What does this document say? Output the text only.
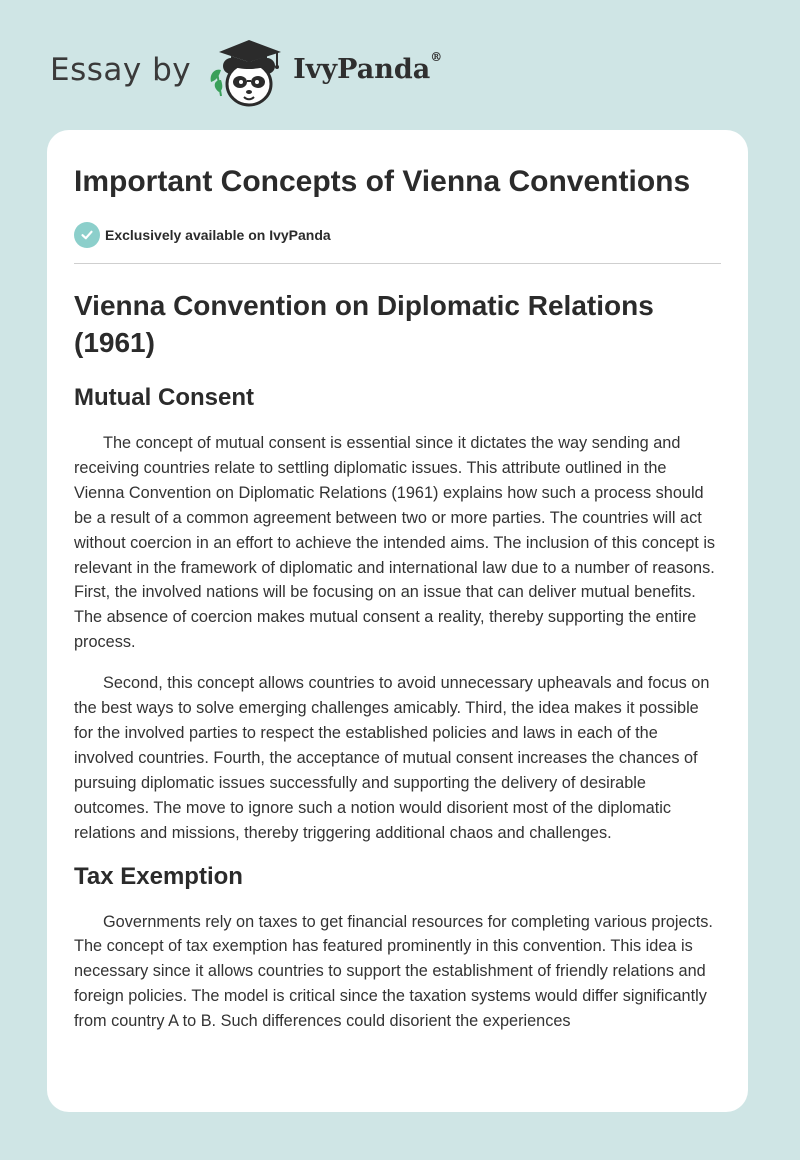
Essay by	IvyPanda®
Important Concepts of Vienna Conventions
Exclusively available on IvyPanda
Vienna Convention on Diplomatic Relations (1961)
Mutual Consent

The concept of mutual consent is essential since it dictates the way sending and receiving countries relate to settling diplomatic issues. This attribute outlined in the Vienna Convention on Diplomatic Relations (1961) explains how such a process should be a result of a common agreement between two or more parties. The countries will act without coercion in an effort to achieve the intended aims. The inclusion of this concept is relevant in the framework of diplomatic and international law due to a number of reasons. First, the involved nations will be focusing on an issue that can deliver mutual benefits. The absence of coercion makes mutual consent a reality, thereby supporting the entire process.

Second, this concept allows countries to avoid unnecessary upheavals and focus on the best ways to solve emerging challenges amicably. Third, the idea makes it possible for the involved parties to respect the established policies and laws in each of the involved countries. Fourth, the acceptance of mutual consent increases the chances of pursuing diplomatic issues successfully and supporting the delivery of desirable outcomes. The move to ignore such a notion would disorient most of the diplomatic relations and missions, thereby triggering additional chaos and challenges.

Tax Exemption

Governments rely on taxes to get financial resources for completing various projects. The concept of tax exemption has featured prominently in this convention. This idea is necessary since it allows countries to support the establishment of friendly relations and foreign policies. The model is critical since the taxation systems would differ significantly from country A to B. Such differences could disorient the experiences
